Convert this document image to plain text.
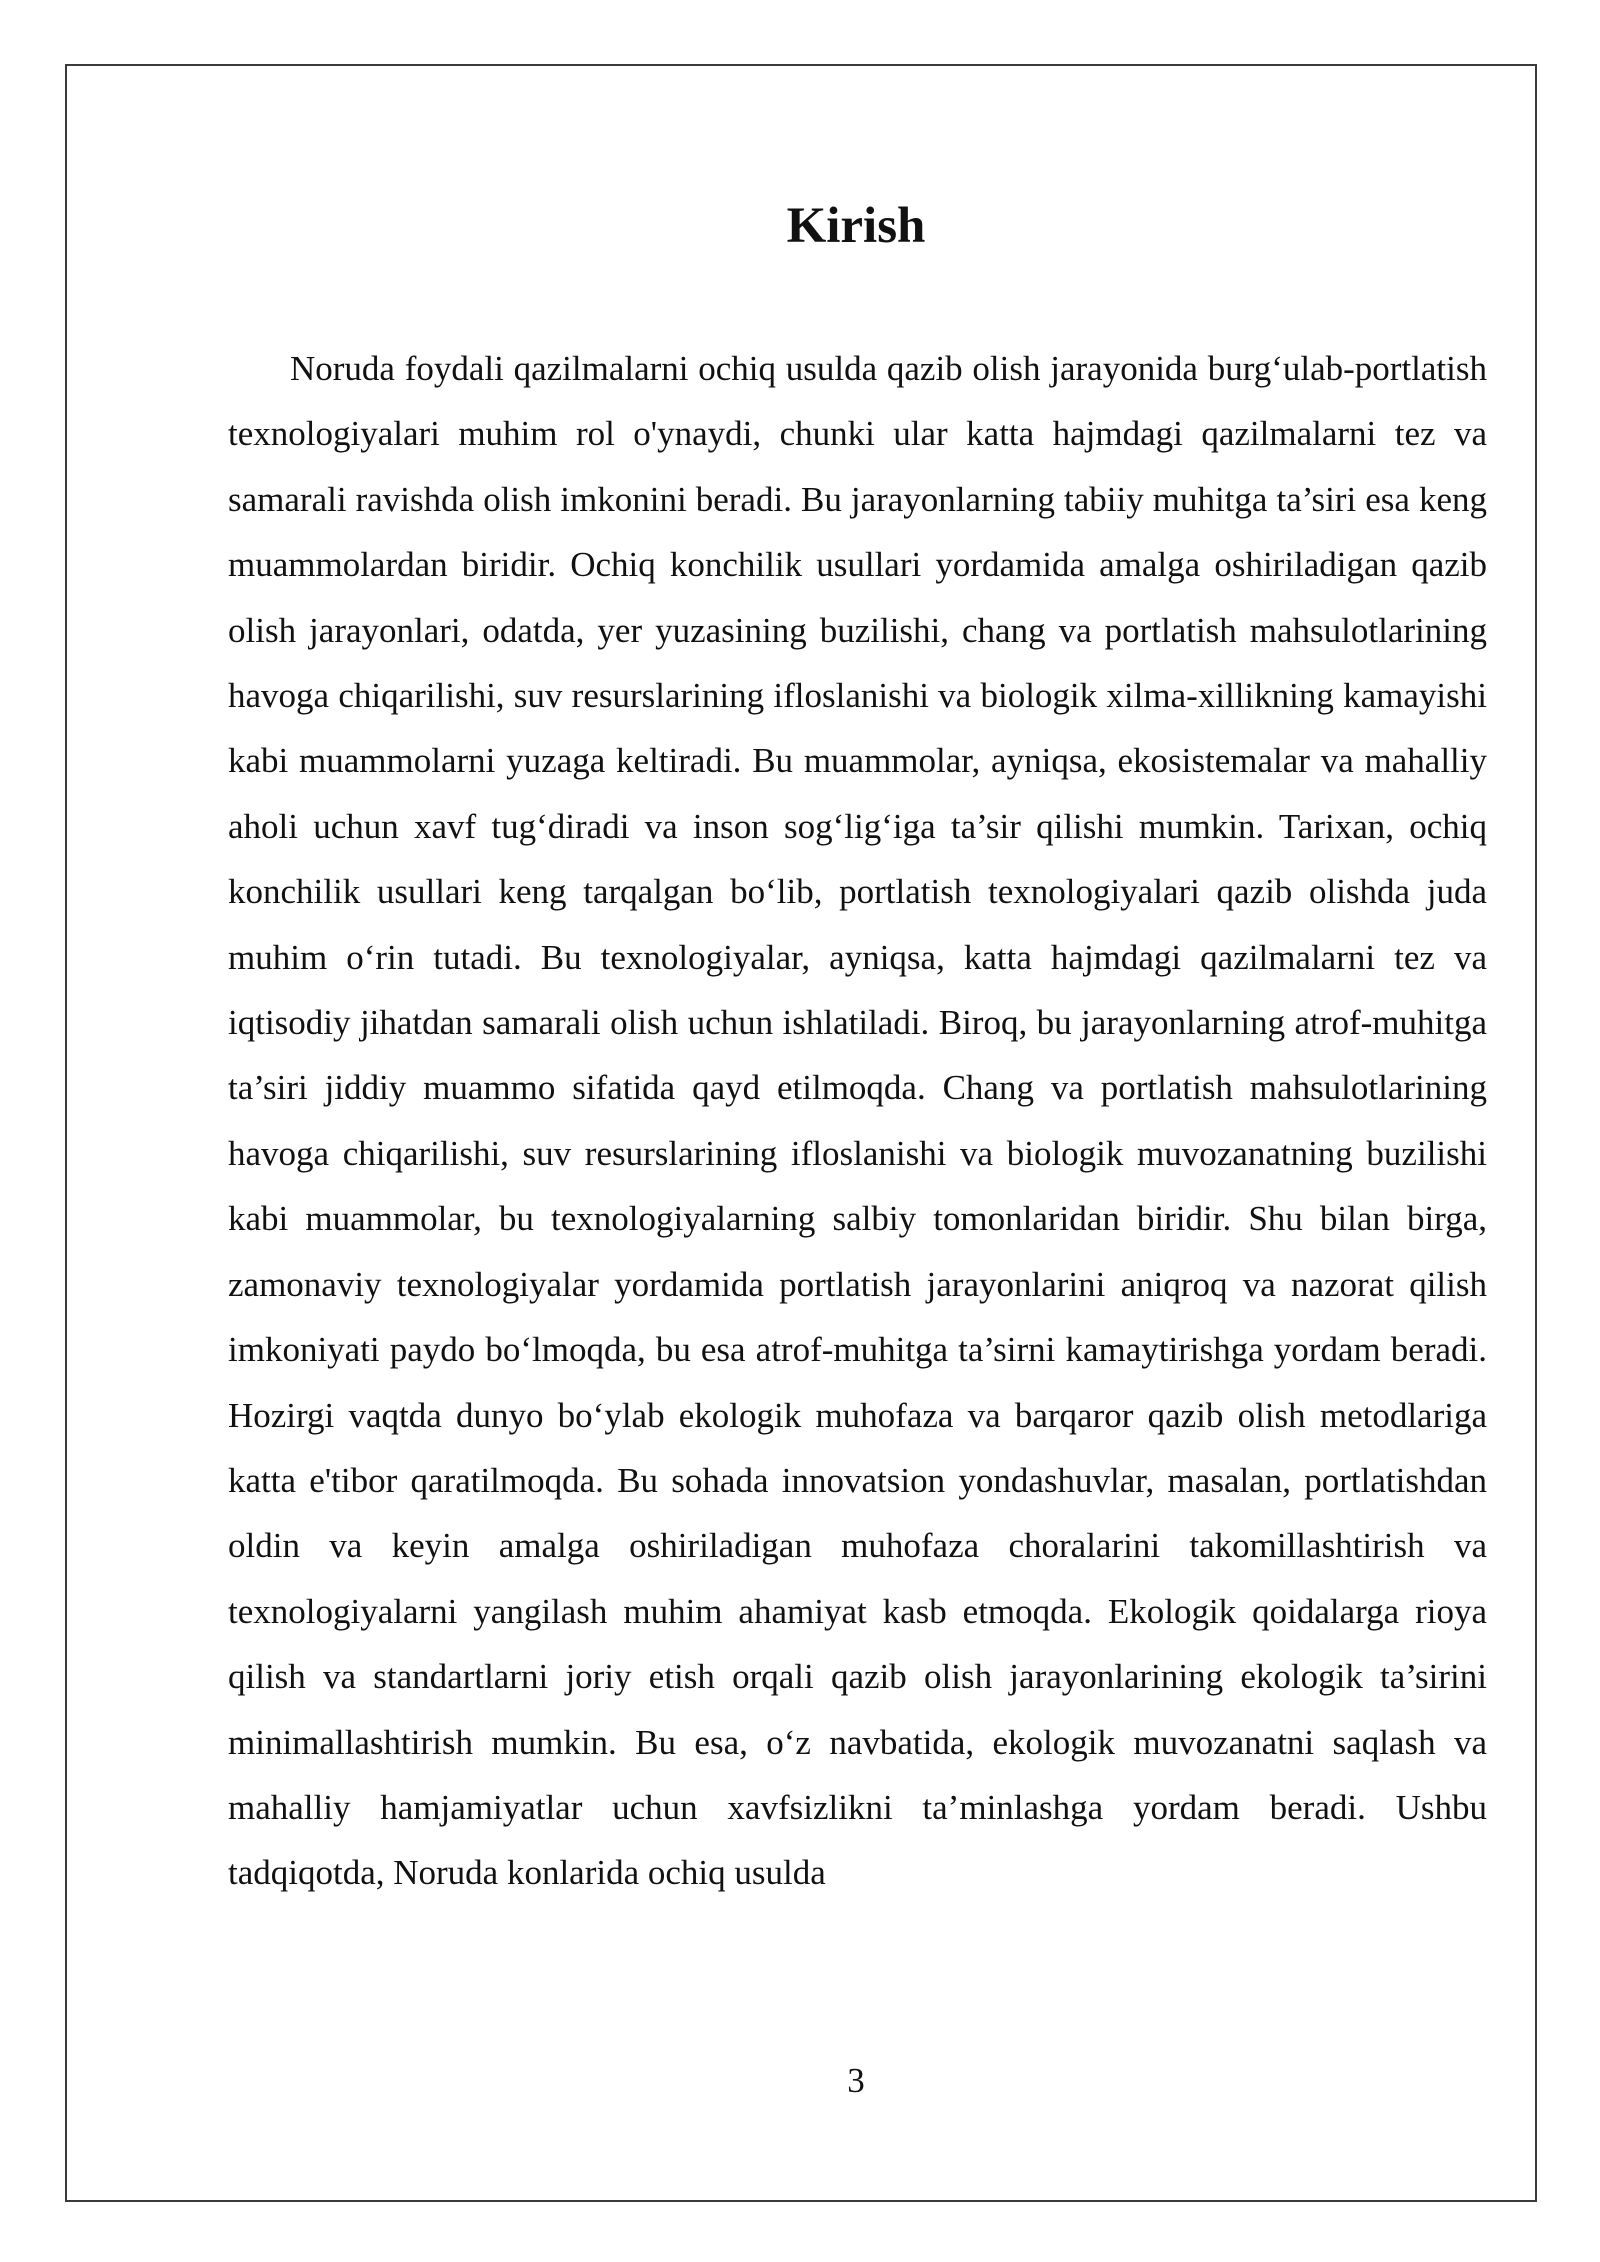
Kirish

Noruda foydali qazilmalarni ochiq usulda qazib olish jarayonida burg‘ulab-portlatish texnologiyalari muhim rol o'ynaydi, chunki ular katta hajmdagi qazilmalarni tez va samarali ravishda olish imkonini beradi. Bu jarayonlarning tabiiy muhitga ta’siri esa keng muammolardan biridir. Ochiq konchilik usullari yordamida amalga oshiriladigan qazib olish jarayonlari, odatda, yer yuzasining buzilishi, chang va portlatish mahsulotlarining havoga chiqarilishi, suv resurslarining ifloslanishi va biologik xilma-xillikning kamayishi kabi muammolarni yuzaga keltiradi. Bu muammolar, ayniqsa, ekosistemalar va mahalliy aholi uchun xavf tug‘diradi va inson sog‘lig‘iga ta’sir qilishi mumkin. Tarixan, ochiq konchilik usullari keng tarqalgan bo‘lib, portlatish texnologiyalari qazib olishda juda muhim o‘rin tutadi. Bu texnologiyalar, ayniqsa, katta hajmdagi qazilmalarni tez va iqtisodiy jihatdan samarali olish uchun ishlatiladi. Biroq, bu jarayonlarning atrof-muhitga ta’siri jiddiy muammo sifatida qayd etilmoqda. Chang va portlatish mahsulotlarining havoga chiqarilishi, suv resurslarining ifloslanishi va biologik muvozanatning buzilishi kabi muammolar, bu texnologiyalarning salbiy tomonlaridan biridir. Shu bilan birga, zamonaviy texnologiyalar yordamida portlatish jarayonlarini aniqroq va nazorat qilish imkoniyati paydo bo‘lmoqda, bu esa atrof-muhitga ta’sirni kamaytirishga yordam beradi. Hozirgi vaqtda dunyo bo‘ylab ekologik muhofaza va barqaror qazib olish metodlariga katta e'tibor qaratilmoqda. Bu sohada innovatsion yondashuvlar, masalan, portlatishdan oldin va keyin amalga oshiriladigan muhofaza choralarini takomillashtirish va texnologiyalarni yangilash muhim ahamiyat kasb etmoqda. Ekologik qoidalarga rioya qilish va standartlarni joriy etish orqali qazib olish jarayonlarining ekologik ta’sirini minimallashtirish mumkin. Bu esa, o‘z navbatida, ekologik muvozanatni saqlash va mahalliy hamjamiyatlar uchun xavfsizlikni ta’minlashga yordam beradi. Ushbu tadqiqotda, Noruda konlarida ochiq usulda

3
